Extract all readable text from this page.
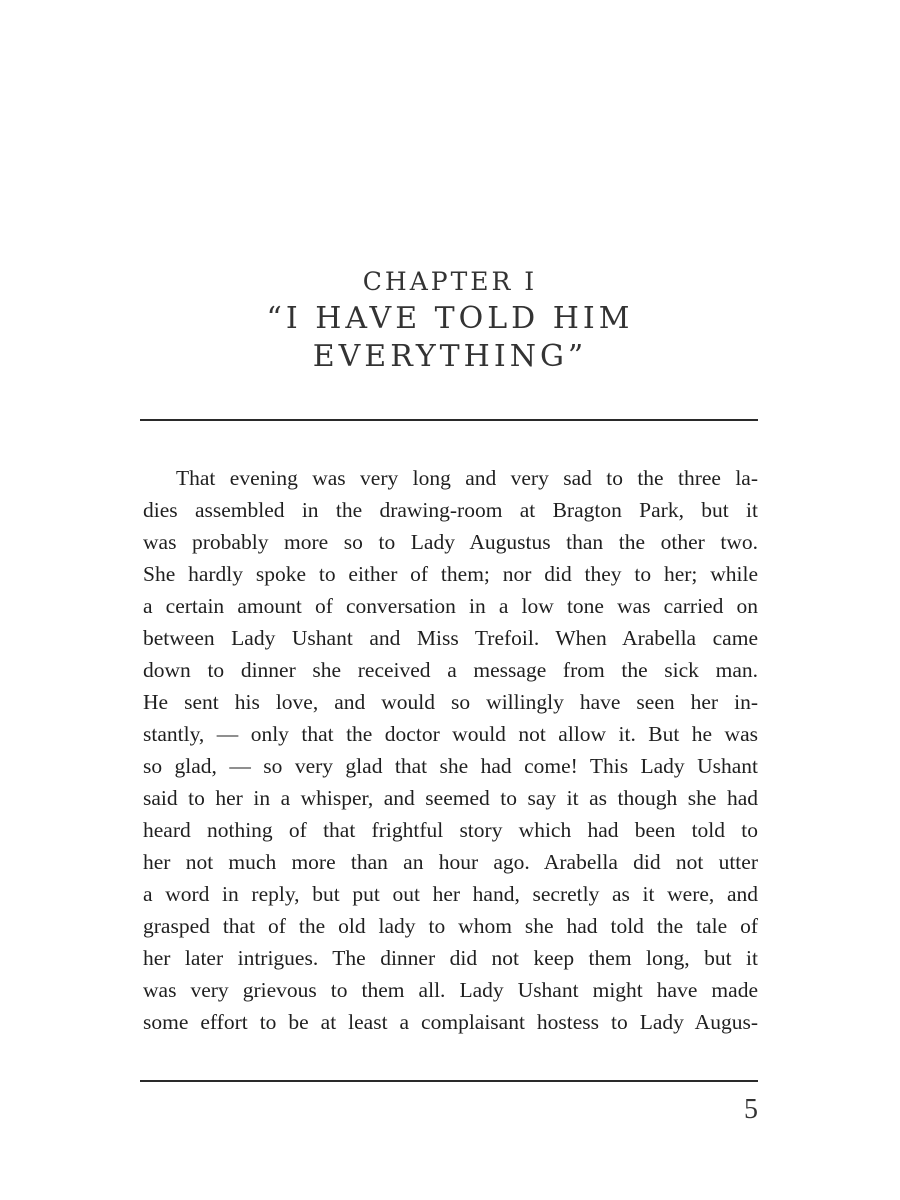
CHAPTER I
“I HAVE TOLD HIM
EVERYTHING”
That evening was very long and very sad to the three la-
dies assembled in the drawing-room at Bragton Park, but it
was probably more so to Lady Augustus than the other two.
She hardly spoke to either of them; nor did they to her; while
a certain amount of conversation in a low tone was carried on
between Lady Ushant and Miss Trefoil. When Arabella came
down to dinner she received a message from the sick man.
He sent his love, and would so willingly have seen her in-
stantly, — only that the doctor would not allow it. But he was
so glad, — so very glad that she had come! This Lady Ushant
said to her in a whisper, and seemed to say it as though she had
heard nothing of that frightful story which had been told to
her not much more than an hour ago. Arabella did not utter
a word in reply, but put out her hand, secretly as it were, and
grasped that of the old lady to whom she had told the tale of
her later intrigues. The dinner did not keep them long, but it
was very grievous to them all. Lady Ushant might have made
some effort to be at least a complaisant hostess to Lady Augus-
5
